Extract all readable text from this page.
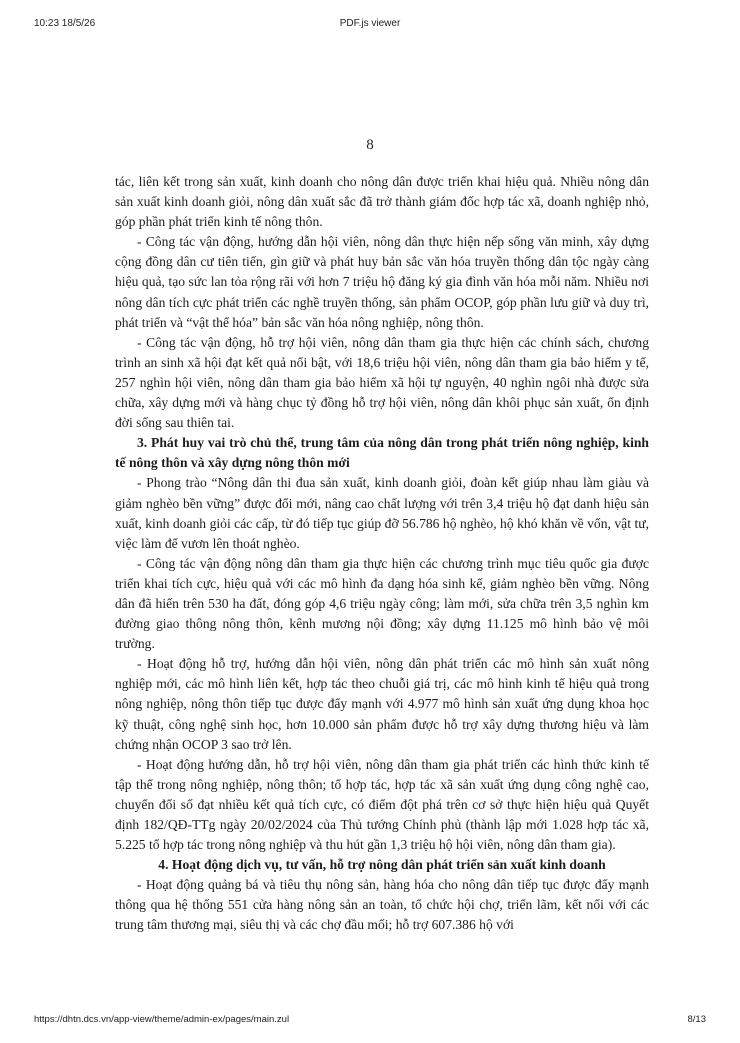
10:23 18/5/26	PDF.js viewer
8

tác, liên kết trong sản xuất, kinh doanh cho nông dân được triển khai hiệu quả. Nhiều nông dân sản xuất kinh doanh giỏi, nông dân xuất sắc đã trở thành giám đốc hợp tác xã, doanh nghiệp nhỏ, góp phần phát triển kinh tế nông thôn.

- Công tác vận động, hướng dẫn hội viên, nông dân thực hiện nếp sống văn minh, xây dựng cộng đồng dân cư tiên tiến, gìn giữ và phát huy bản sắc văn hóa truyền thống dân tộc ngày càng hiệu quả, tạo sức lan tỏa rộng rãi với hơn 7 triệu hộ đăng ký gia đình văn hóa mỗi năm. Nhiều nơi nông dân tích cực phát triển các nghề truyền thống, sản phẩm OCOP, góp phần lưu giữ và duy trì, phát triển và “vật thể hóa” bản sắc văn hóa nông nghiệp, nông thôn.

- Công tác vận động, hỗ trợ hội viên, nông dân tham gia thực hiện các chính sách, chương trình an sinh xã hội đạt kết quả nổi bật, với 18,6 triệu hội viên, nông dân tham gia bảo hiểm y tế, 257 nghìn hội viên, nông dân tham gia bảo hiểm xã hội tự nguyện, 40 nghìn ngôi nhà được sửa chữa, xây dựng mới và hàng chục tỷ đồng hỗ trợ hội viên, nông dân khôi phục sản xuất, ổn định đời sống sau thiên tai.

3. Phát huy vai trò chủ thể, trung tâm của nông dân trong phát triển nông nghiệp, kinh tế nông thôn và xây dựng nông thôn mới

- Phong trào “Nông dân thi đua sản xuất, kinh doanh giỏi, đoàn kết giúp nhau làm giàu và giảm nghèo bền vững” được đổi mới, nâng cao chất lượng với trên 3,4 triệu hộ đạt danh hiệu sản xuất, kinh doanh giỏi các cấp, từ đó tiếp tục giúp đỡ 56.786 hộ nghèo, hộ khó khăn về vốn, vật tư, việc làm để vươn lên thoát nghèo.

- Công tác vận động nông dân tham gia thực hiện các chương trình mục tiêu quốc gia được triển khai tích cực, hiệu quả với các mô hình đa dạng hóa sinh kế, giảm nghèo bền vững. Nông dân đã hiến trên 530 ha đất, đóng góp 4,6 triệu ngày công; làm mới, sửa chữa trên 3,5 nghìn km đường giao thông nông thôn, kênh mương nội đồng; xây dựng 11.125 mô hình bảo vệ môi trường.

- Hoạt động hỗ trợ, hướng dẫn hội viên, nông dân phát triển các mô hình sản xuất nông nghiệp mới, các mô hình liên kết, hợp tác theo chuỗi giá trị, các mô hình kinh tế hiệu quả trong nông nghiệp, nông thôn tiếp tục được đẩy mạnh với 4.977 mô hình sản xuất ứng dụng khoa học kỹ thuật, công nghệ sinh học, hơn 10.000 sản phẩm được hỗ trợ xây dựng thương hiệu và làm chứng nhận OCOP 3 sao trở lên.

- Hoạt động hướng dẫn, hỗ trợ hội viên, nông dân tham gia phát triển các hình thức kinh tế tập thể trong nông nghiệp, nông thôn; tổ hợp tác, hợp tác xã sản xuất ứng dụng công nghệ cao, chuyển đổi số đạt nhiều kết quả tích cực, có điểm đột phá trên cơ sở thực hiện hiệu quả Quyết định 182/QĐ-TTg ngày 20/02/2024 của Thủ tướng Chính phủ (thành lập mới 1.028 hợp tác xã, 5.225 tổ hợp tác trong nông nghiệp và thu hút gần 1,3 triệu hộ hội viên, nông dân tham gia).

4. Hoạt động dịch vụ, tư vấn, hỗ trợ nông dân phát triển sản xuất kinh doanh

- Hoạt động quảng bá và tiêu thụ nông sản, hàng hóa cho nông dân tiếp tục được đẩy mạnh thông qua hệ thống 551 cửa hàng nông sản an toàn, tổ chức hội chợ, triển lãm, kết nối với các trung tâm thương mại, siêu thị và các chợ đầu mối; hỗ trợ 607.386 hộ với

https://dhtn.dcs.vn/app-view/theme/admin-ex/pages/main.zul	8/13
